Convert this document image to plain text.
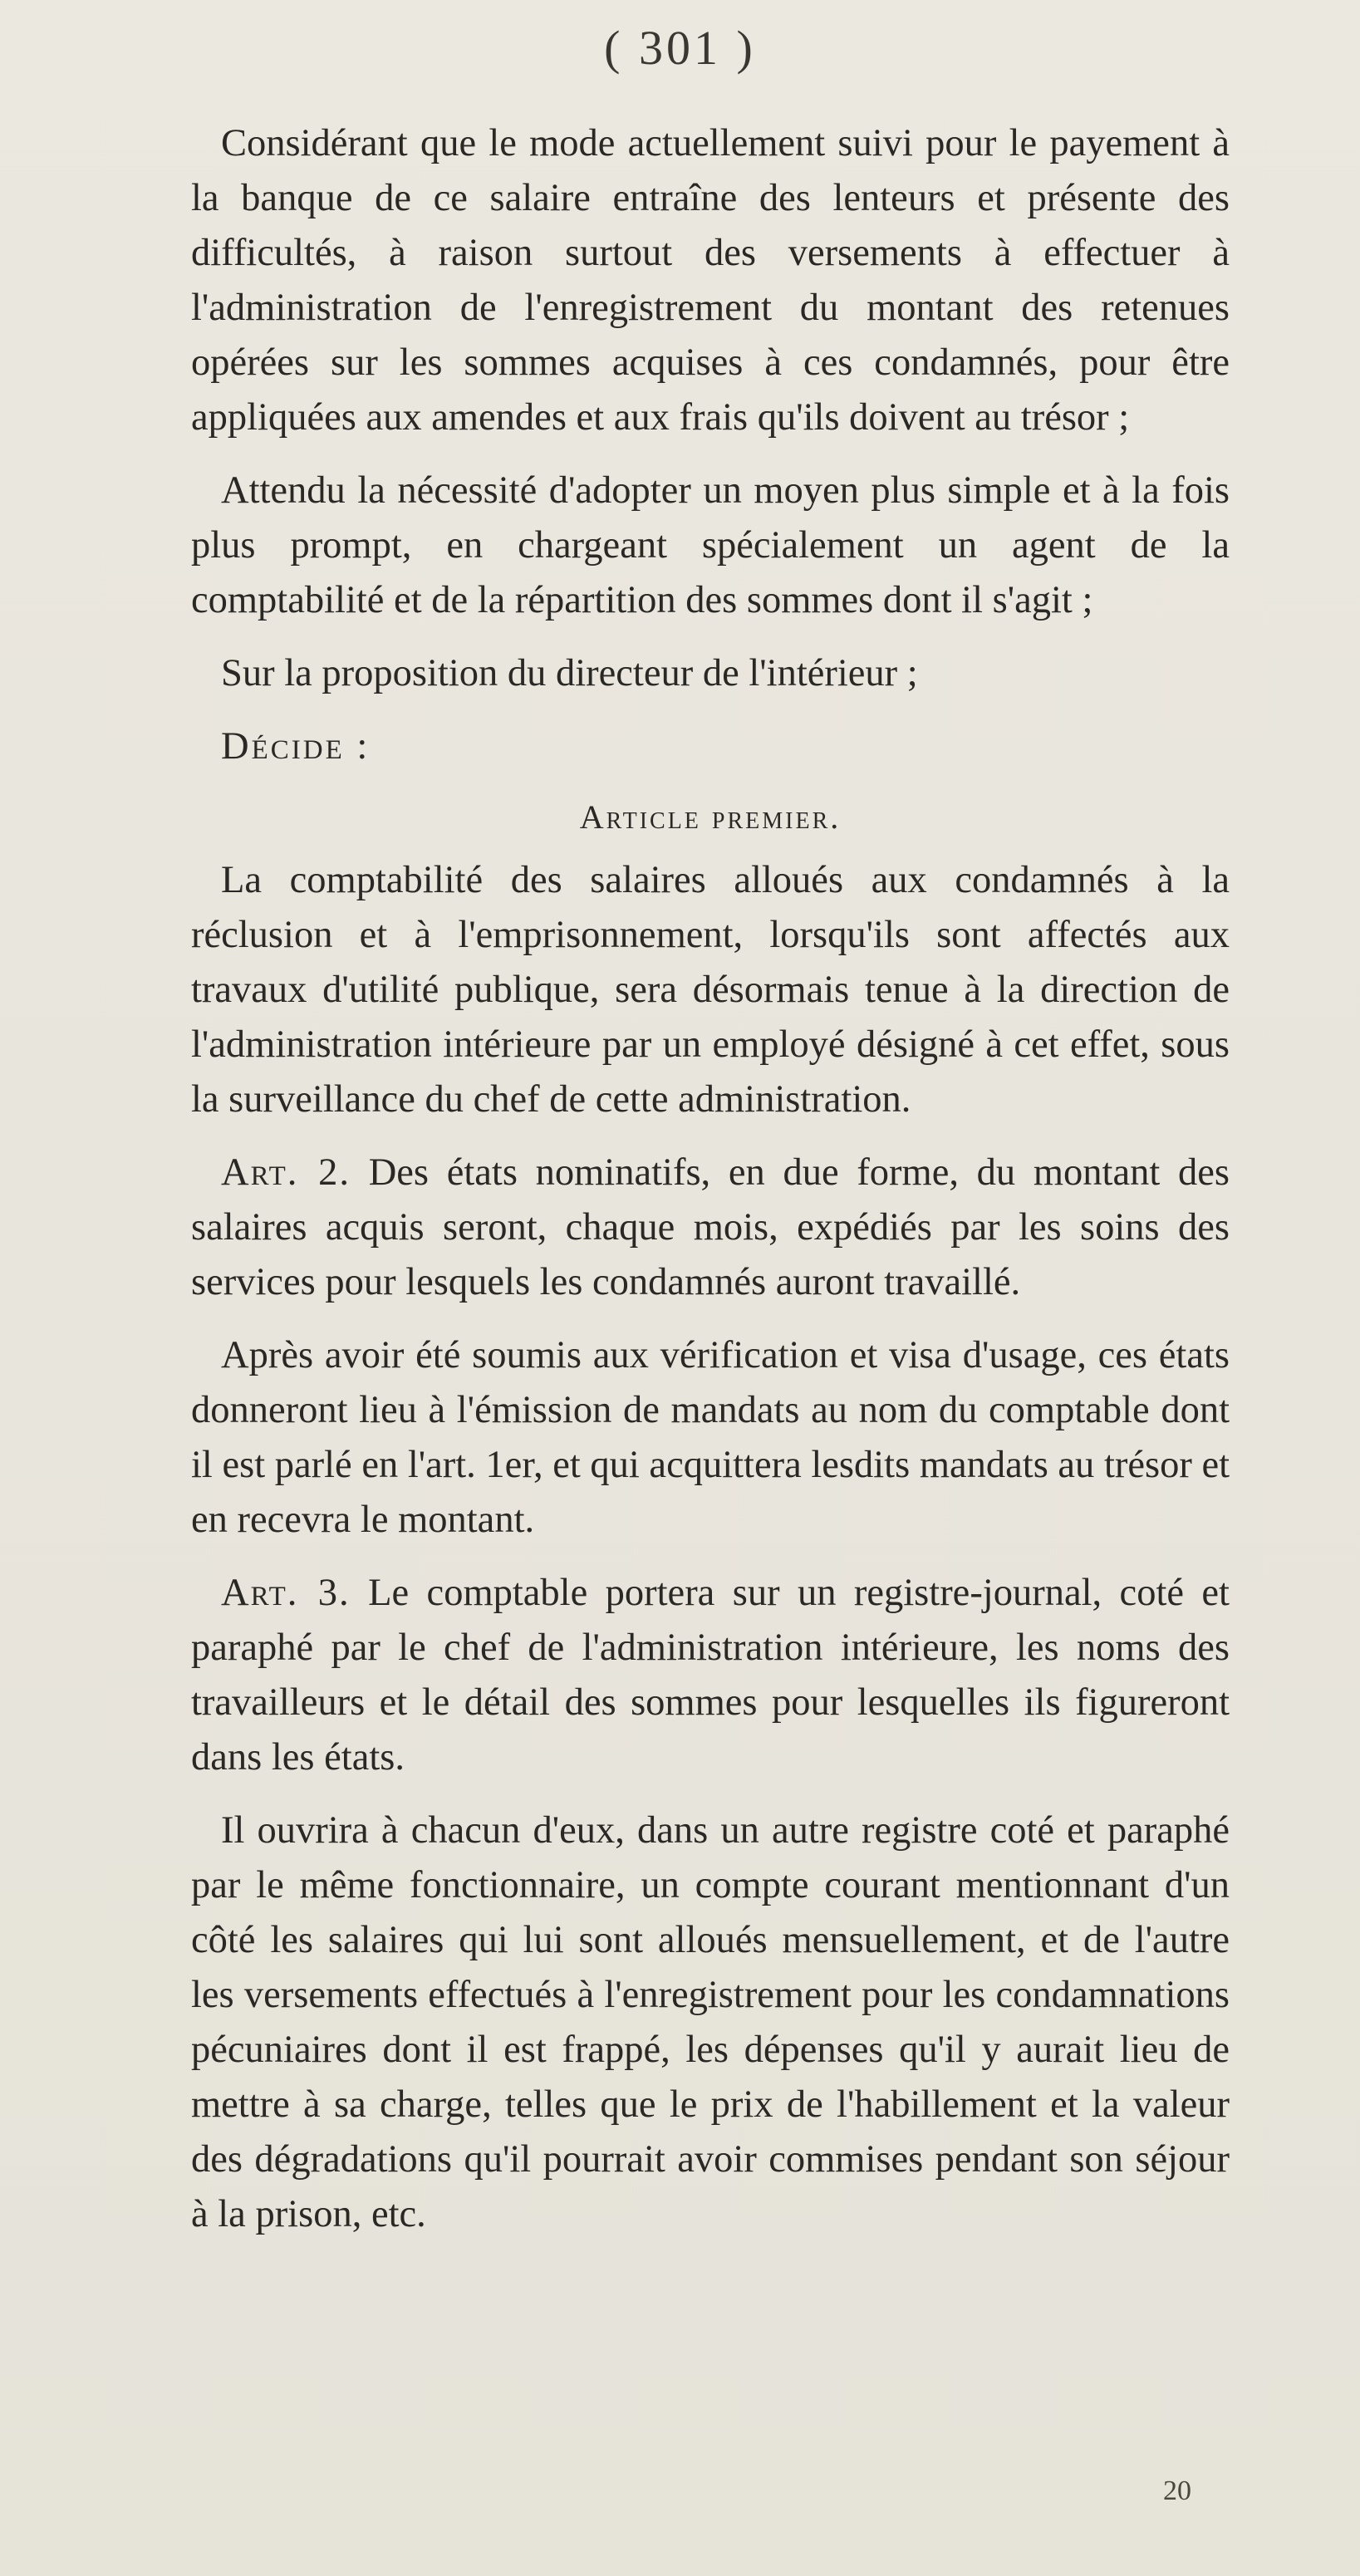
( 301 )

Considérant que le mode actuellement suivi pour le payement à la banque de ce salaire entraîne des lenteurs et présente des difficultés, à raison surtout des versements à effectuer à l'administration de l'enregistrement du montant des retenues opérées sur les sommes acquises à ces condamnés, pour être appliquées aux amendes et aux frais qu'ils doivent au trésor ;

Attendu la nécessité d'adopter un moyen plus simple et à la fois plus prompt, en chargeant spécialement un agent de la comptabilité et de la répartition des sommes dont il s'agit ;

Sur la proposition du directeur de l'intérieur ;

Décide :

Article premier.

La comptabilité des salaires alloués aux condamnés à la réclusion et à l'emprisonnement, lorsqu'ils sont affectés aux travaux d'utilité publique, sera désormais tenue à la direction de l'administration intérieure par un employé désigné à cet effet, sous la surveillance du chef de cette administration.

Art. 2. Des états nominatifs, en due forme, du montant des salaires acquis seront, chaque mois, expédiés par les soins des services pour lesquels les condamnés auront travaillé.

Après avoir été soumis aux vérification et visa d'usage, ces états donneront lieu à l'émission de mandats au nom du comptable dont il est parlé en l'art. 1er, et qui acquittera lesdits mandats au trésor et en recevra le montant.

Art. 3. Le comptable portera sur un registre-journal, coté et paraphé par le chef de l'administration intérieure, les noms des travailleurs et le détail des sommes pour lesquelles ils figureront dans les états.

Il ouvrira à chacun d'eux, dans un autre registre coté et paraphé par le même fonctionnaire, un compte courant mentionnant d'un côté les salaires qui lui sont alloués mensuellement, et de l'autre les versements effectués à l'enregistrement pour les condamnations pécuniaires dont il est frappé, les dépenses qu'il y aurait lieu de mettre à sa charge, telles que le prix de l'habillement et la valeur des dégradations qu'il pourrait avoir commises pendant son séjour à la prison, etc.

20
